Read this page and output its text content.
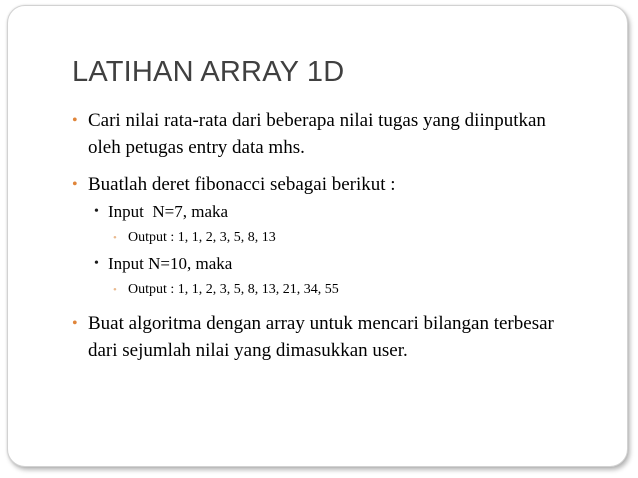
LATIHAN ARRAY 1D
• Cari nilai rata-rata dari beberapa nilai tugas yang diinputkan
oleh petugas entry data mhs.
• Buatlah deret fibonacci sebagai berikut :
• Input  N=7, maka
• Output : 1, 1, 2, 3, 5, 8, 13
• Input N=10, maka
• Output : 1, 1, 2, 3, 5, 8, 13, 21, 34, 55
• Buat algoritma dengan array untuk mencari bilangan terbesar
dari sejumlah nilai yang dimasukkan user.
